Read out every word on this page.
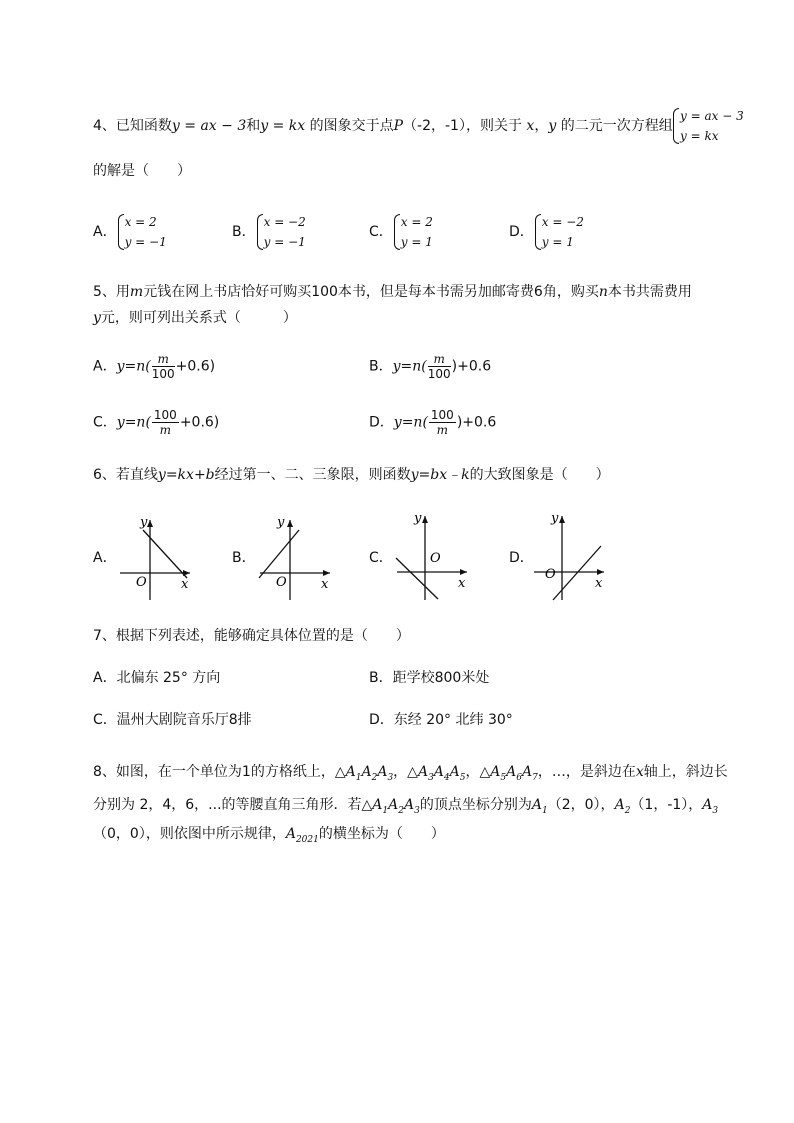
4、已知函数y = ax − 3和y = kx 的图象交于点P（-2，-1），则关于 x，y 的二元一次方程组
y = ax − 3
y = kx
的解是（　　）
A．
x = 2
y = −1
B．
x = −2
y = −1
C．
x = 2
y = 1
D．
x = −2
y = 1
5、用m元钱在网上书店恰好可购买100本书，但是每本书需另加邮寄费6角，购买n本书共需费用
y元，则可列出关系式（　　　）
A．$y=n( \frac{m}{100} +0.6)$	B．$y=n( \frac{m}{100} )+0.6$
C．$y=n( \frac{100}{m} +0.6)$	D．$y=n( \frac{100}{m} )+0.6$
6、若直线y=kx+b经过第一、二、三象限，则函数y=bx﹣k的大致图象是（　　）
A．	B．	C．	D．
y
x
O
y
x
O
y
x
O
y
x
O
7、根据下列表述，能够确定具体位置的是（　　）
A．北偏东 25° 方向	B．距学校800米处
C．温州大剧院音乐厅8排	D．东经 20° 北纬 30°
8、如图，在一个单位为1的方格纸上，$\triangle A_1A_2A_3$，$\triangle A_3A_4A_5$，$\triangle A_5A_6A_7$，…，是斜边在x轴上，斜边长
分别为 2，4，6，...的等腰直角三角形．若$\triangle A_1A_2A_3$的顶点坐标分别为$A_1(2$，0），$A_2(1$，-1），$A_3$
（0，0），则依图中所示规律，$A_{2021}$的横坐标为（　　）
